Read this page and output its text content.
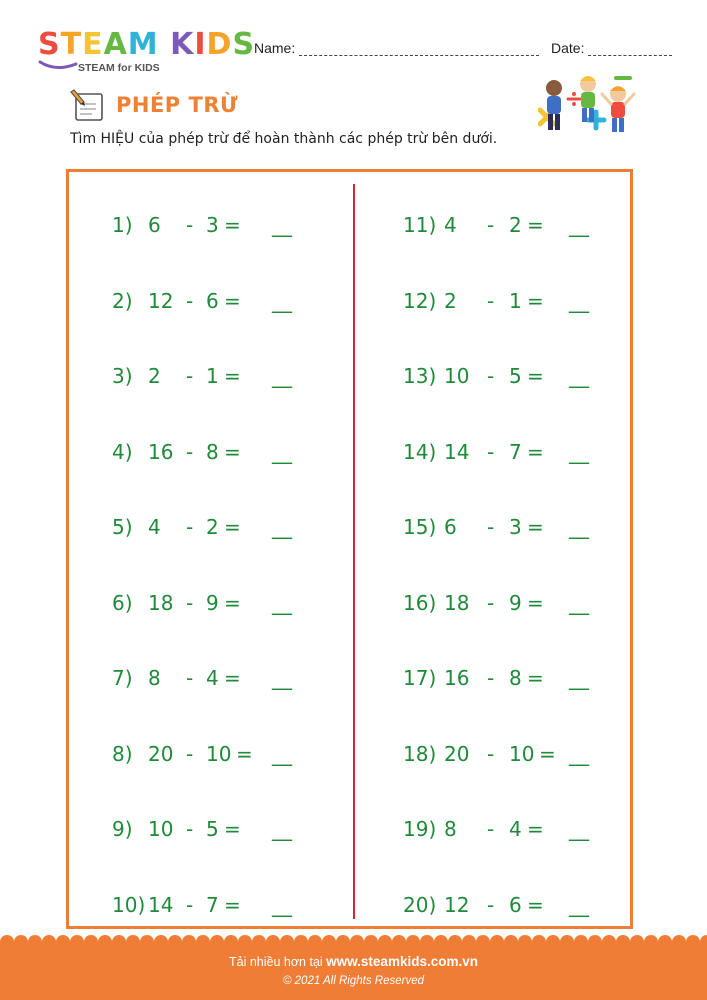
STEAM KIDS
STEAM for KIDS
Name:	Date:
PHÉP TRỪ
Tìm HIỆU của phép trừ để hoàn thành các phép trừ bên dưới.
1) 6 - 3 = __
2) 12 - 6 = __
3) 2 - 1 = __
4) 16 - 8 = __
5) 4 - 2 = __
6) 18 - 9 = __
7) 8 - 4 = __
8) 20 - 10 = __
9) 10 - 5 = __
10) 14 - 7 = __
11) 4 - 2 = __
12) 2 - 1 = __
13) 10 - 5 = __
14) 14 - 7 = __
15) 6 - 3 = __
16) 18 - 9 = __
17) 16 - 8 = __
18) 20 - 10 = __
19) 8 - 4 = __
20) 12 - 6 = __
Tải nhiều hơn tại www.steamkids.com.vn
© 2021 All Rights Reserved
